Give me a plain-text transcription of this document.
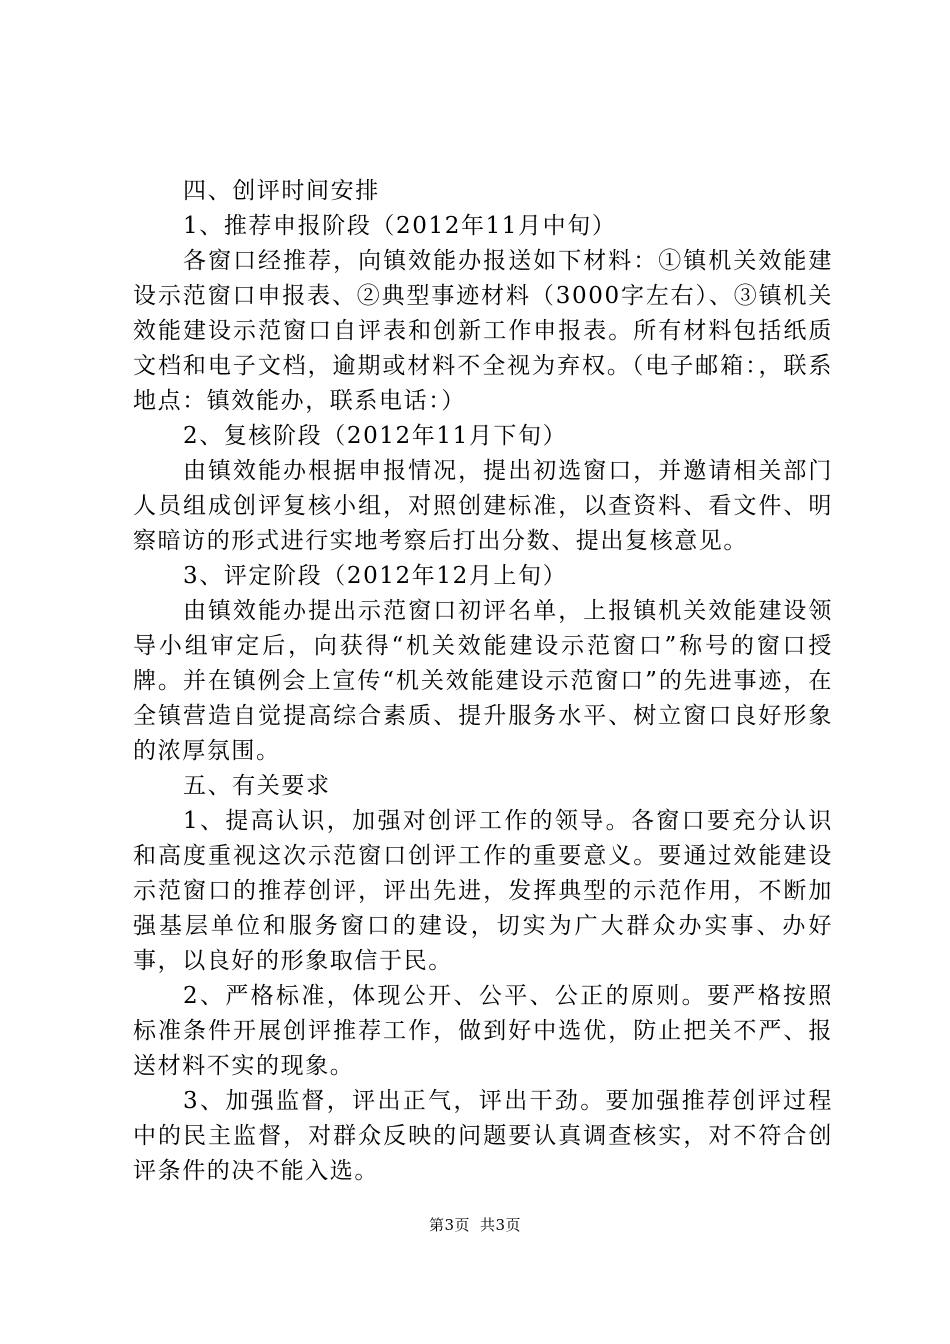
四、创评时间安排

1、推荐申报阶段（2012年11月中旬）

各窗口经推荐，向镇效能办报送如下材料：①镇机关效能建设示范窗口申报表、②典型事迹材料（3000字左右）、③镇机关效能建设示范窗口自评表和创新工作申报表。所有材料包括纸质文档和电子文档，逾期或材料不全视为弃权。（电子邮箱：，联系地点：镇效能办，联系电话：）

2、复核阶段（2012年11月下旬）

由镇效能办根据申报情况，提出初选窗口，并邀请相关部门人员组成创评复核小组，对照创建标准，以查资料、看文件、明察暗访的形式进行实地考察后打出分数、提出复核意见。

3、评定阶段（2012年12月上旬）

由镇效能办提出示范窗口初评名单，上报镇机关效能建设领导小组审定后，向获得“机关效能建设示范窗口”称号的窗口授牌。并在镇例会上宣传“机关效能建设示范窗口”的先进事迹，在全镇营造自觉提高综合素质、提升服务水平、树立窗口良好形象的浓厚氛围。

五、有关要求

1、提高认识，加强对创评工作的领导。各窗口要充分认识和高度重视这次示范窗口创评工作的重要意义。要通过效能建设示范窗口的推荐创评，评出先进，发挥典型的示范作用，不断加强基层单位和服务窗口的建设，切实为广大群众办实事、办好事，以良好的形象取信于民。

2、严格标准，体现公开、公平、公正的原则。要严格按照标准条件开展创评推荐工作，做到好中选优，防止把关不严、报送材料不实的现象。

3、加强监督，评出正气，评出干劲。要加强推荐创评过程中的民主监督，对群众反映的问题要认真调查核实，对不符合创评条件的决不能入选。

第3页 共3页
